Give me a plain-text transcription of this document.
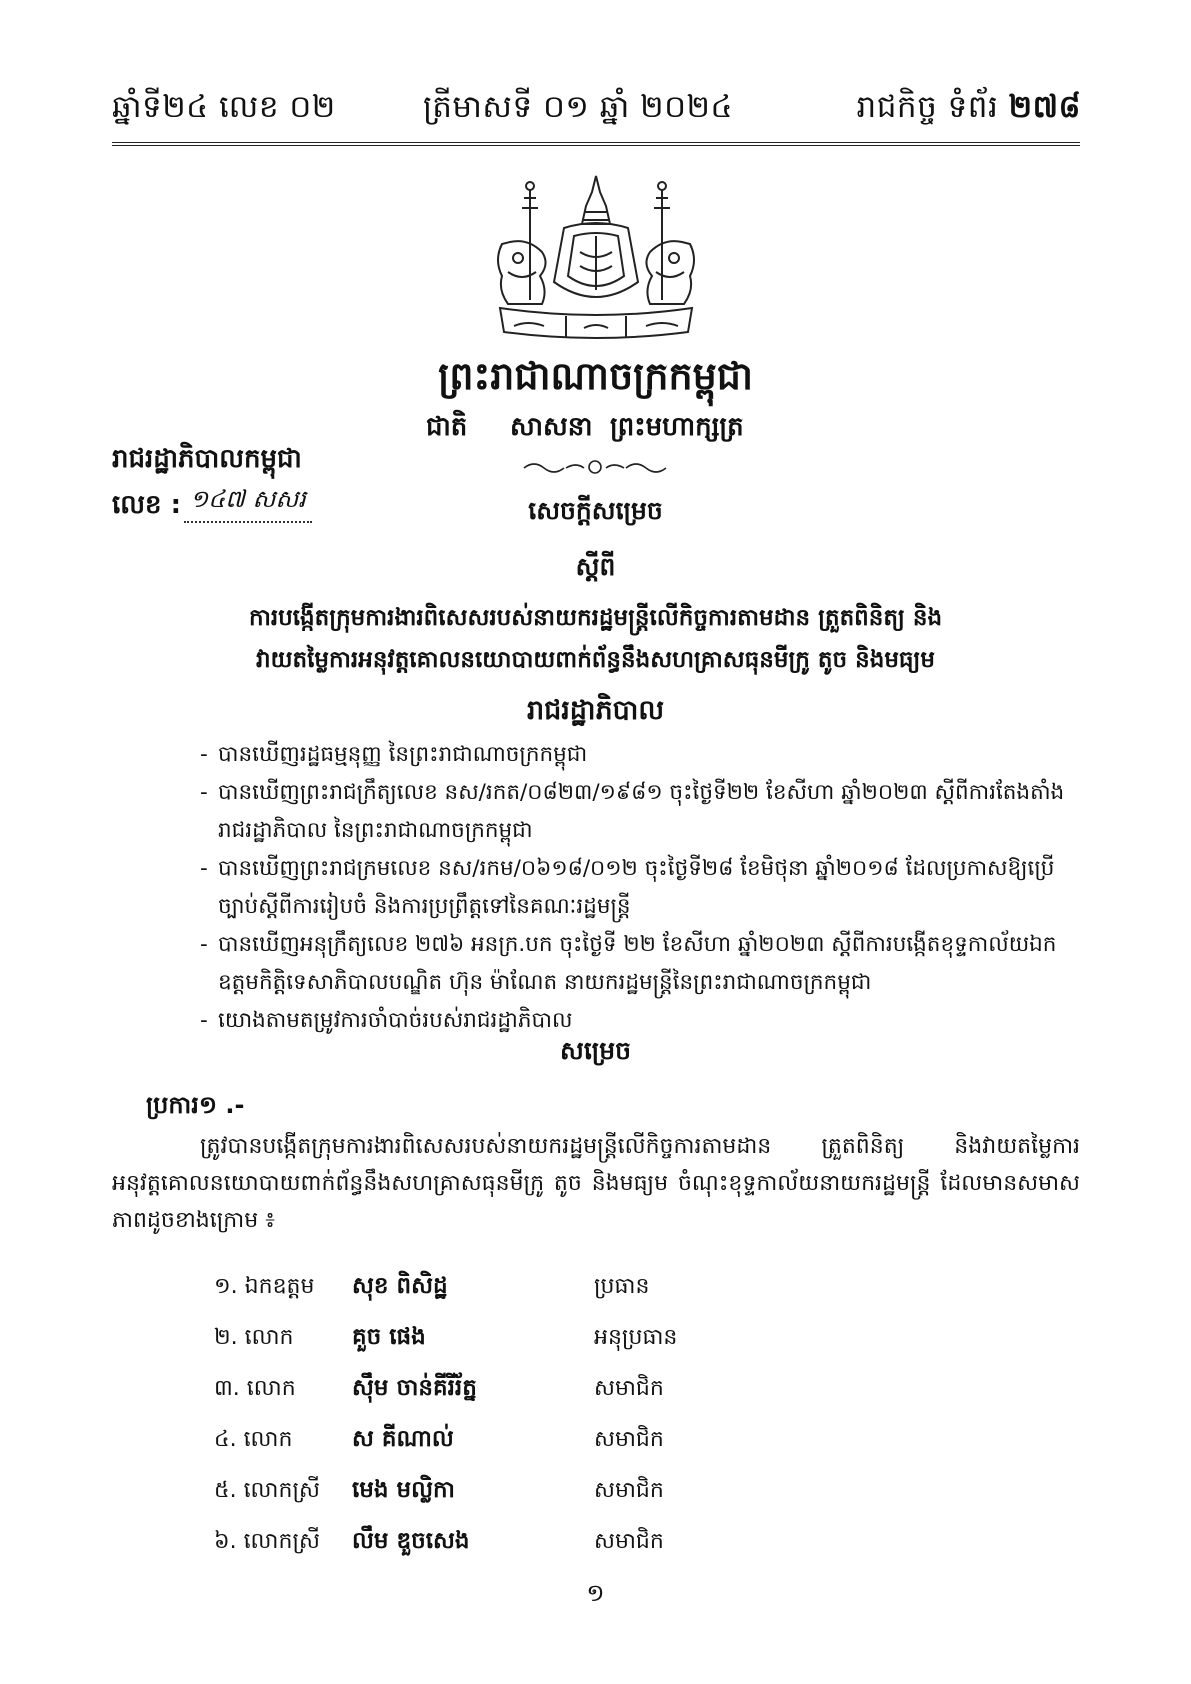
ឆ្នាំទី២៤ លេខ ០២	ត្រីមាសទី ០១ ឆ្នាំ ២០២៤	រាជកិច្ច ទំព័រ ២៧៨
ព្រះរាជាណាចក្រកម្ពុជា
ជាតិ សាសនា ព្រះមហាក្សត្រ
រាជរដ្ឋាភិបាលកម្ពុជា
លេខ : ១៤៧ សសរ	សេចក្តីសម្រេច
ស្តីពី
ការបង្កើតក្រុមការងារពិសេសរបស់នាយករដ្ឋមន្ត្រីលើកិច្ចការតាមដាន ត្រួតពិនិត្យ និង
វាយតម្លៃការអនុវត្តគោលនយោបាយពាក់ព័ន្ធនឹងសហគ្រាសធុនមីក្រូ តូច និងមធ្យម
រាជរដ្ឋាភិបាល
- បានឃើញរដ្ឋធម្មនុញ្ញ នៃព្រះរាជាណាចក្រកម្ពុជា
- បានឃើញព្រះរាជក្រឹត្យលេខ នស/រកត/០៨២៣/១៩៨១ ចុះថ្ងៃទី២២ ខែសីហា ឆ្នាំ២០២៣ ស្តីពីការតែងតាំងរាជរដ្ឋាភិបាល នៃព្រះរាជាណាចក្រកម្ពុជា
- បានឃើញព្រះរាជក្រមលេខ នស/រកម/០៦១៨/០១២ ចុះថ្ងៃទី២៨ ខែមិថុនា ឆ្នាំ២០១៨ ដែលប្រកាសឱ្យប្រើច្បាប់ស្តីពីការរៀបចំ និងការប្រព្រឹត្តទៅនៃគណៈរដ្ឋមន្ត្រី
- បានឃើញអនុក្រឹត្យលេខ ២៧៦ អនក្រ.បក ចុះថ្ងៃទី ២២ ខែសីហា ឆ្នាំ២០២៣ ស្តីពីការបង្កើតខុទ្ទកាល័យឯកឧត្តមកិត្តិទេសាភិបាលបណ្ឌិត ហ៊ុន ម៉ាណែត នាយករដ្ឋមន្ត្រីនៃព្រះរាជាណាចក្រកម្ពុជា
- យោងតាមតម្រូវការចាំបាច់របស់រាជរដ្ឋាភិបាល
សម្រេច
ប្រការ១ .-
ត្រូវបានបង្កើតក្រុមការងារពិសេសរបស់នាយករដ្ឋមន្ត្រីលើកិច្ចការតាមដាន ត្រួតពិនិត្យ និងវាយតម្លៃការអនុវត្តគោលនយោបាយពាក់ព័ន្ធនឹងសហគ្រាសធុនមីក្រូ តូច និងមធ្យម ចំណុះខុទ្ទកាល័យនាយករដ្ឋមន្ត្រី ដែលមានសមាសភាពដូចខាងក្រោម ៖
១. ឯកឧត្តម សុខ ពិសិដ្ឋ	ប្រធាន
២. លោក	គួច ផេង	អនុប្រធាន
៣. លោក ស៊ឹម ចាន់គីរីរ័ត្ន	សមាជិក
៤. លោក	ស គីណាល់	សមាជិក
៥. លោកស្រី មេង មល្លិកា	សមាជិក
៦. លោកស្រី លឹម ឌួចសេង	សមាជិក
១
